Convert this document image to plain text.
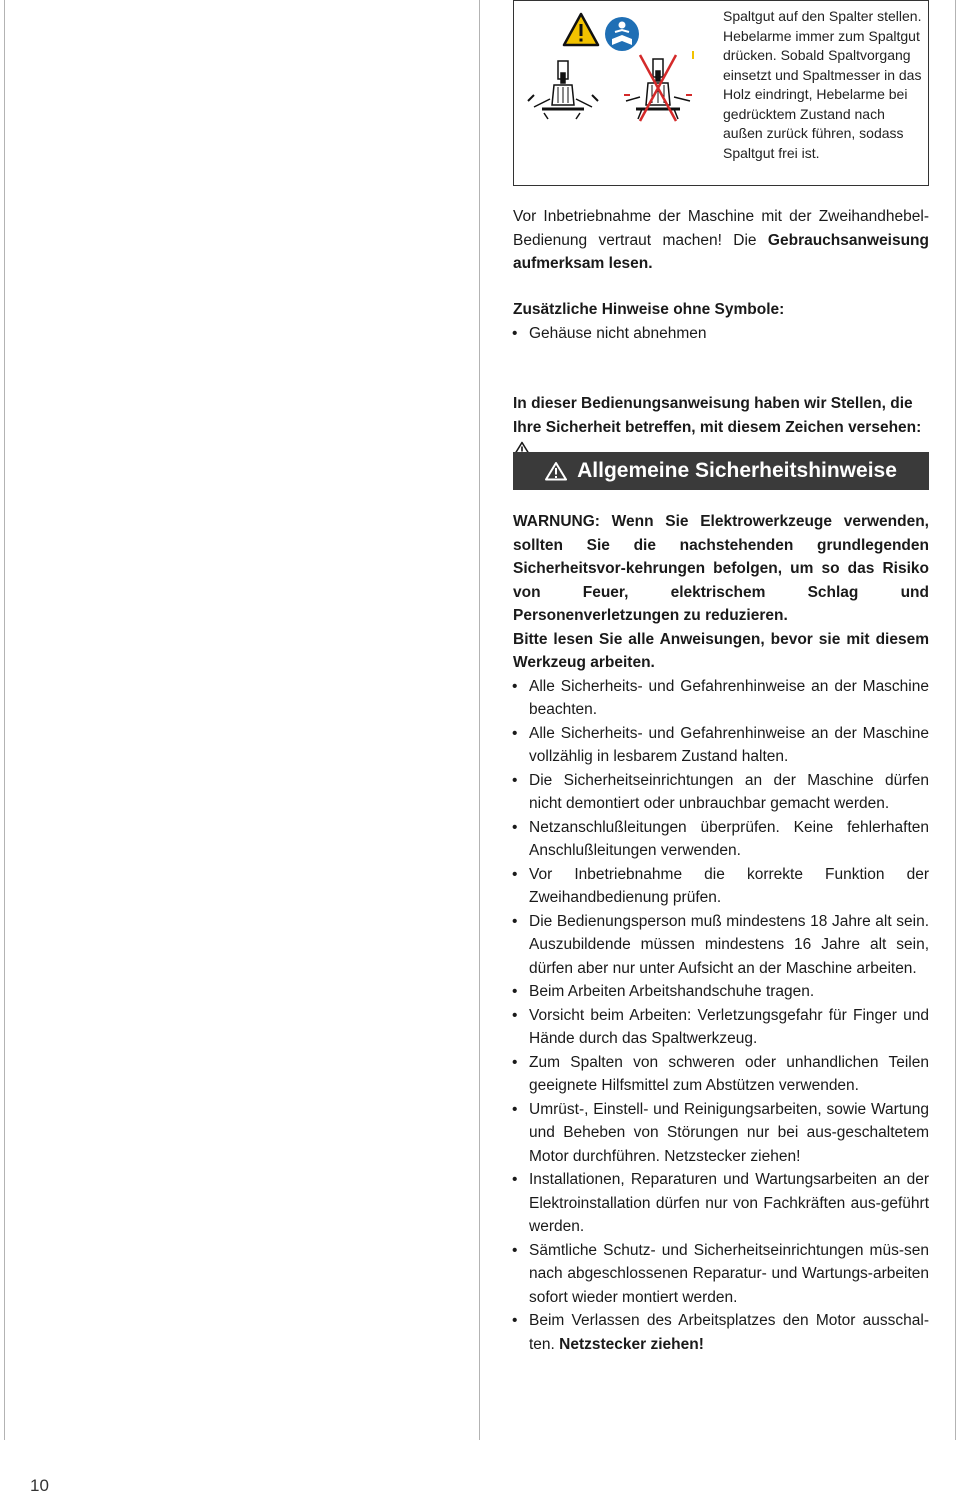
Spaltgut auf den Spalter stellen. Hebelarme immer zum Spaltgut drücken. Sobald Spaltvorgang einsetzt und Spaltmesser in das Holz eindringt, Hebelarme bei gedrücktem Zustand nach außen zurück führen, sodass Spaltgut frei ist.

Vor Inbetriebnahme der Maschine mit der Zweihandhebel-Bedienung vertraut machen! Die Gebrauchsanweisung aufmerksam lesen.

Zusätzliche Hinweise ohne Symbole:

• Gehäuse nicht abnehmen

In dieser Bedienungsanweisung haben wir Stellen, die Ihre Sicherheit betreffen, mit diesem Zeichen versehen:

Allgemeine Sicherheitshinweise

WARNUNG: Wenn Sie Elektrowerkzeuge verwenden, sollten Sie die nachstehenden grundlegenden Sicherheitsvor-kehrungen befolgen, um so das Risiko von Feuer, elektrischem Schlag und Personenverletzungen zu reduzieren.

Bitte lesen Sie alle Anweisungen, bevor sie mit diesem Werkzeug arbeiten.

• Alle Sicherheits- und Gefahrenhinweise an der Maschine beachten.
• Alle Sicherheits- und Gefahrenhinweise an der Maschine vollzählig in lesbarem Zustand halten.
• Die Sicherheitseinrichtungen an der Maschine dürfen nicht demontiert oder unbrauchbar gemacht werden.
• Netzanschlußleitungen überprüfen. Keine fehlerhaften Anschlußleitungen verwenden.
• Vor Inbetriebnahme die korrekte Funktion der Zweihandbedienung prüfen.
• Die Bedienungsperson muß mindestens 18 Jahre alt sein. Auszubildende müssen mindestens 16 Jahre alt sein, dürfen aber nur unter Aufsicht an der Maschine arbeiten.
• Beim Arbeiten Arbeitshandschuhe tragen.
• Vorsicht beim Arbeiten: Verletzungsgefahr für Finger und Hände durch das Spaltwerkzeug.
• Zum Spalten von schweren oder unhandlichen Teilen geeignete Hilfsmittel zum Abstützen verwenden.
• Umrüst-, Einstell- und Reinigungsarbeiten, sowie Wartung und Beheben von Störungen nur bei aus-geschaltetem Motor durchführen. Netzstecker ziehen!
• Installationen, Reparaturen und Wartungsarbeiten an der Elektroinstallation dürfen nur von Fachkräften aus-geführt werden.
• Sämtliche Schutz- und Sicherheitseinrichtungen müs-sen nach abgeschlossenen Reparatur- und Wartungs-arbeiten sofort wieder montiert werden.
• Beim Verlassen des Arbeitsplatzes den Motor ausschal-ten. Netzstecker ziehen!
10
